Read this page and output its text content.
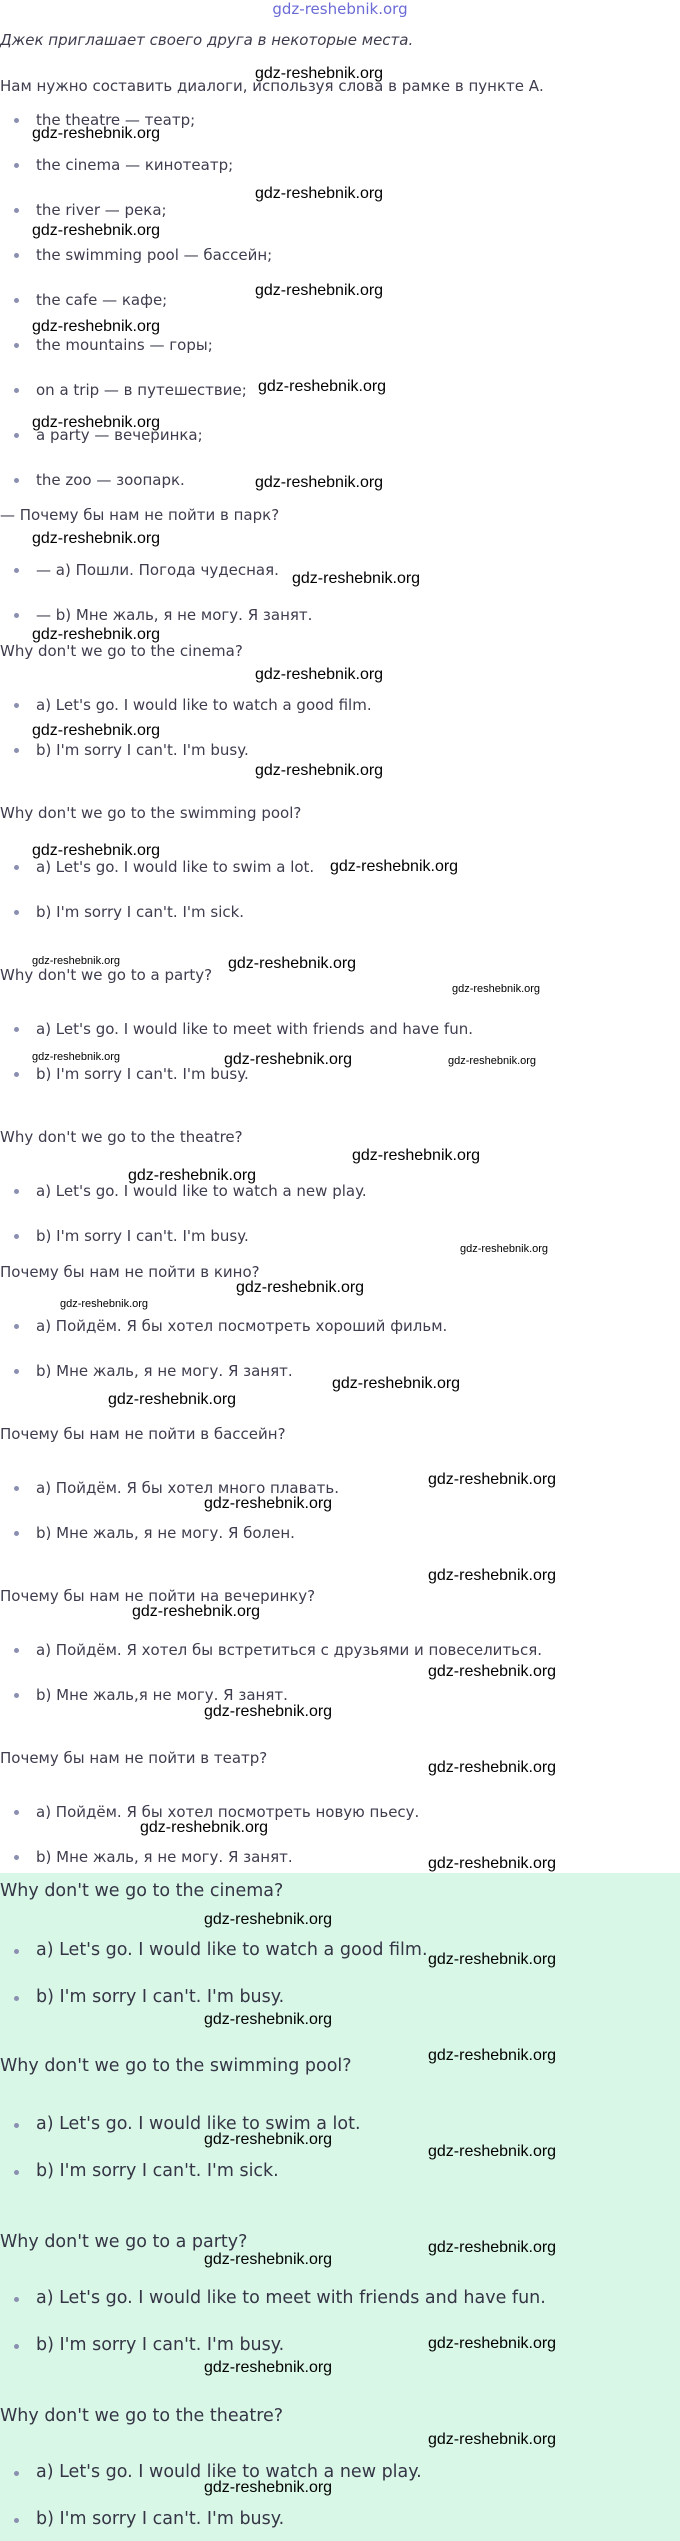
gdz-reshebnik.org
Джек приглашает своего друга в некоторые места.
Нам нужно составить диалоги, используя слова в рамке в пункте А.
the theatre — театр;
the cinema — кинотеатр;
the river — река;
the swimming pool — бассейн;
the cafe — кафе;
the mountains — горы;
on a trip — в путешествие;
a party — вечеринка;
the zoo — зоопарк.
— Почему бы нам не пойти в парк?
— a) Пошли. Погода чудесная.
— b) Мне жаль, я не могу. Я занят.
Why don't we go to the cinema?
a) Let's go. I would like to watch a good film.
b) I'm sorry I can't. I'm busy.
Why don't we go to the swimming pool?
a) Let's go. I would like to swim a lot.
b) I'm sorry I can't. I'm sick.
Why don't we go to a party?
a) Let's go. I would like to meet with friends and have fun.
b) I'm sorry I can't. I'm busy.
Why don't we go to the theatre?
a) Let's go. I would like to watch a new play.
b) I'm sorry I can't. I'm busy.
Почему бы нам не пойти в кино?
a) Пойдём. Я бы хотел посмотреть хороший фильм.
b) Мне жаль, я не могу. Я занят.
Почему бы нам не пойти в бассейн?
a) Пойдём. Я бы хотел много плавать.
b) Мне жаль, я не могу. Я болен.
Почему бы нам не пойти на вечеринку?
a) Пойдём. Я хотел бы встретиться с друзьями и повеселиться.
b) Мне жаль,я не могу. Я занят.
Почему бы нам не пойти в театр?
a) Пойдём. Я бы хотел посмотреть новую пьесу.
b) Мне жаль, я не могу. Я занят.
Why don't we go to the cinema?
a) Let's go. I would like to watch a good film.
b) I'm sorry I can't. I'm busy.
Why don't we go to the swimming pool?
a) Let's go. I would like to swim a lot.
b) I'm sorry I can't. I'm sick.
Why don't we go to a party?
a) Let's go. I would like to meet with friends and have fun.
b) I'm sorry I can't. I'm busy.
Why don't we go to the theatre?
a) Let's go. I would like to watch a new play.
b) I'm sorry I can't. I'm busy.
gdz-reshebnik.org
gdz-reshebnik.org
gdz-reshebnik.org
gdz-reshebnik.org
gdz-reshebnik.org
gdz-reshebnik.org
gdz-reshebnik.org
gdz-reshebnik.org
gdz-reshebnik.org
gdz-reshebnik.org
gdz-reshebnik.org
gdz-reshebnik.org
gdz-reshebnik.org
gdz-reshebnik.org
gdz-reshebnik.org
gdz-reshebnik.org
gdz-reshebnik.org
gdz-reshebnik.org	gdz-reshebnik.org
gdz-reshebnik.org
gdz-reshebnik.org	gdz-reshebnik.org	gdz-reshebnik.org
gdz-reshebnik.org
gdz-reshebnik.org
gdz-reshebnik.org
gdz-reshebnik.org
gdz-reshebnik.org
gdz-reshebnik.org
gdz-reshebnik.org
gdz-reshebnik.org
gdz-reshebnik.org
gdz-reshebnik.org
gdz-reshebnik.org
gdz-reshebnik.org
gdz-reshebnik.org
gdz-reshebnik.org
gdz-reshebnik.org
gdz-reshebnik.org
gdz-reshebnik.org
gdz-reshebnik.org
gdz-reshebnik.org
gdz-reshebnik.org
gdz-reshebnik.org
gdz-reshebnik.org
gdz-reshebnik.org
gdz-reshebnik.org
gdz-reshebnik.org
gdz-reshebnik.org
gdz-reshebnik.org
gdz-reshebnik.org
